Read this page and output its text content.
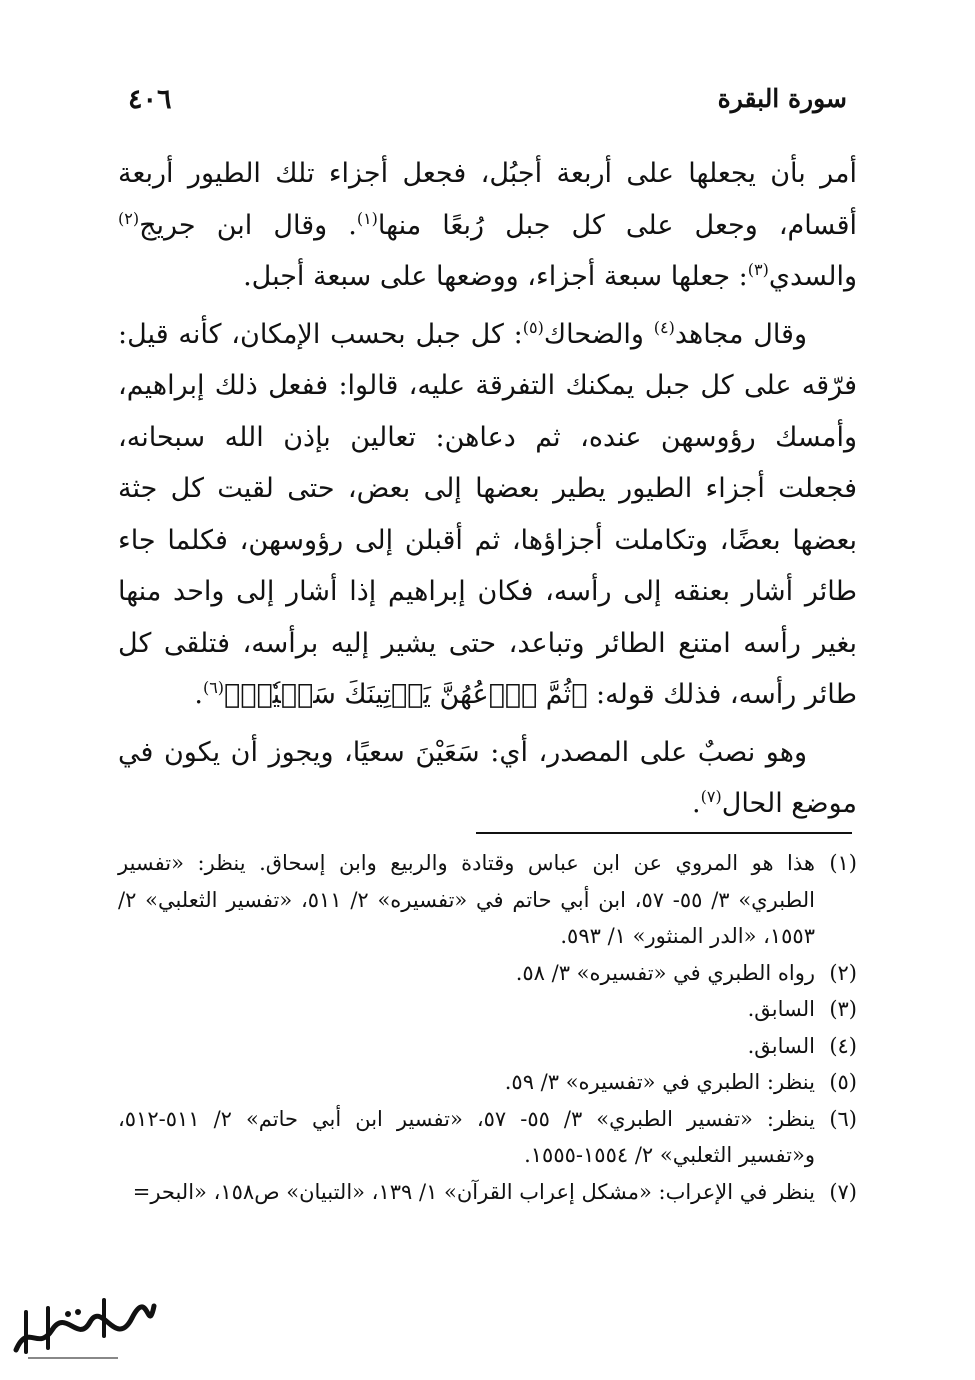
٤٠٦	سورة البقرة

أمر بأن يجعلها على أربعة أجبُل، فجعل أجزاء تلك الطيور أربعة أقسام، وجعل على كل جبل رُبعًا منها$^{(١)}$. وقال ابن جريج$^{(٢)}$ والسدي$^{(٣)}$: جعلها سبعة أجزاء، ووضعها على سبعة أجبل.

وقال مجاهد$^{(٤)}$ والضحاك$^{(٥)}$: كل جبل بحسب الإمكان، كأنه قيل: فرّقه على كل جبل يمكنك التفرقة عليه، قالوا: ففعل ذلك إبراهيم، وأمسك رؤوسهن عنده، ثم دعاهن: تعالين بإذن الله سبحانه، فجعلت أجزاء الطيور يطير بعضها إلى بعض، حتى لقيت كل جثة بعضها بعضًا، وتكاملت أجزاؤها، ثم أقبلن إلى رؤوسهن، فكلما جاء طائر أشار بعنقه إلى رأسه، فكان إبراهيم إذا أشار إلى واحد منها بغير رأسه امتنع الطائر وتباعد، حتى يشير إليه برأسه، فتلقى كل طائر رأسه، فذلك قوله: ﴿ثُمَّ ٱدۡعُهُنَّ يَأۡتِينَكَ سَعۡيٗاۚ﴾$^{(٦)}$.

وهو نصبٌ على المصدر، أي: سَعَيْنَ سعيًا، ويجوز أن يكون في موضع الحال$^{(٧)}$.

(١)
هذا هو المروي عن ابن عباس وقتادة والربيع وابن إسحاق. ينظر: «تفسير الطبري» ٣/ ٥٥- ٥٧، ابن أبي حاتم في «تفسيره» ٢/ ٥١١، «تفسير الثعلبي» ٢/ ١٥٥٣، «الدر المنثور» ١/ ٥٩٣.

(٢)
رواه الطبري في «تفسيره» ٣/ ٥٨.

(٣)
السابق.

(٤)
السابق.

(٥)
ينظر: الطبري في «تفسيره» ٣/ ٥٩.

(٦)
ينظر: «تفسير الطبري» ٣/ ٥٥- ٥٧، «تفسير ابن أبي حاتم» ٢/ ٥١١-٥١٢، و«تفسير الثعلبي» ٢/ ١٥٥٤-١٥٥٥.

(٧)
ينظر في الإعراب: «مشكل إعراب القرآن» ١/ ١٣٩، «التبيان» ص١٥٨، «البحر=
